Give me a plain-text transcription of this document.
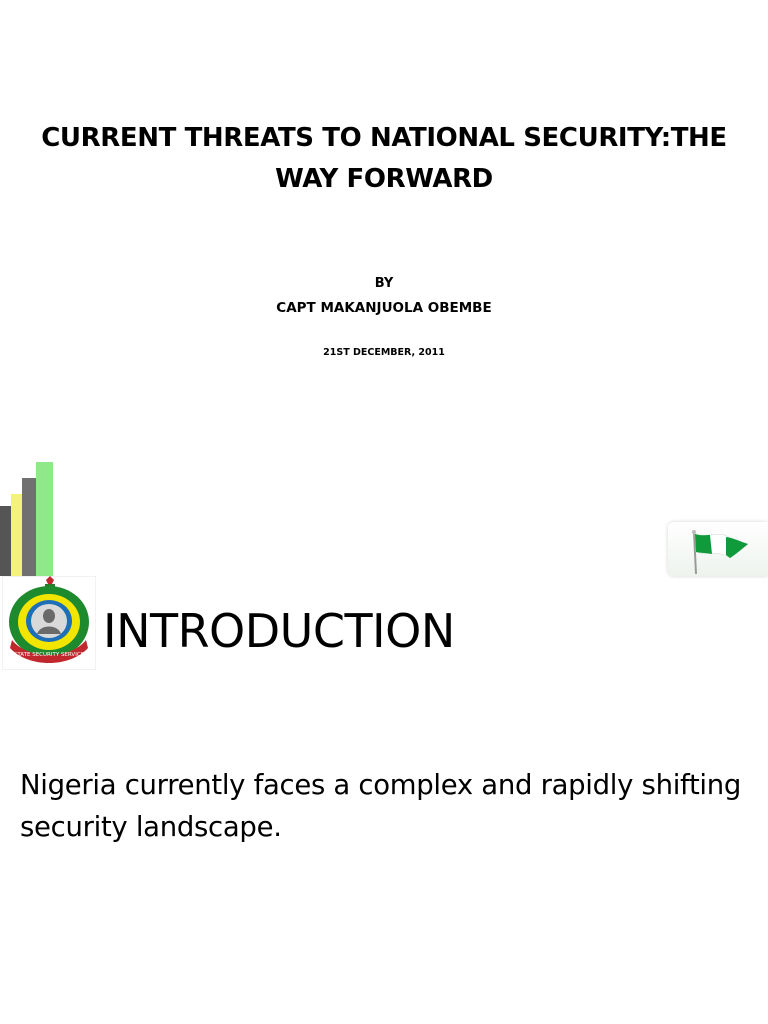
CURRENT THREATS TO NATIONAL SECURITY:THE WAY FORWARD
BY
CAPT MAKANJUOLA OBEMBE
21ST DECEMBER, 2011
STATE SECURITY SERVICE INTRODUCTION
Nigeria currently faces a complex and rapidly shifting security landscape.
